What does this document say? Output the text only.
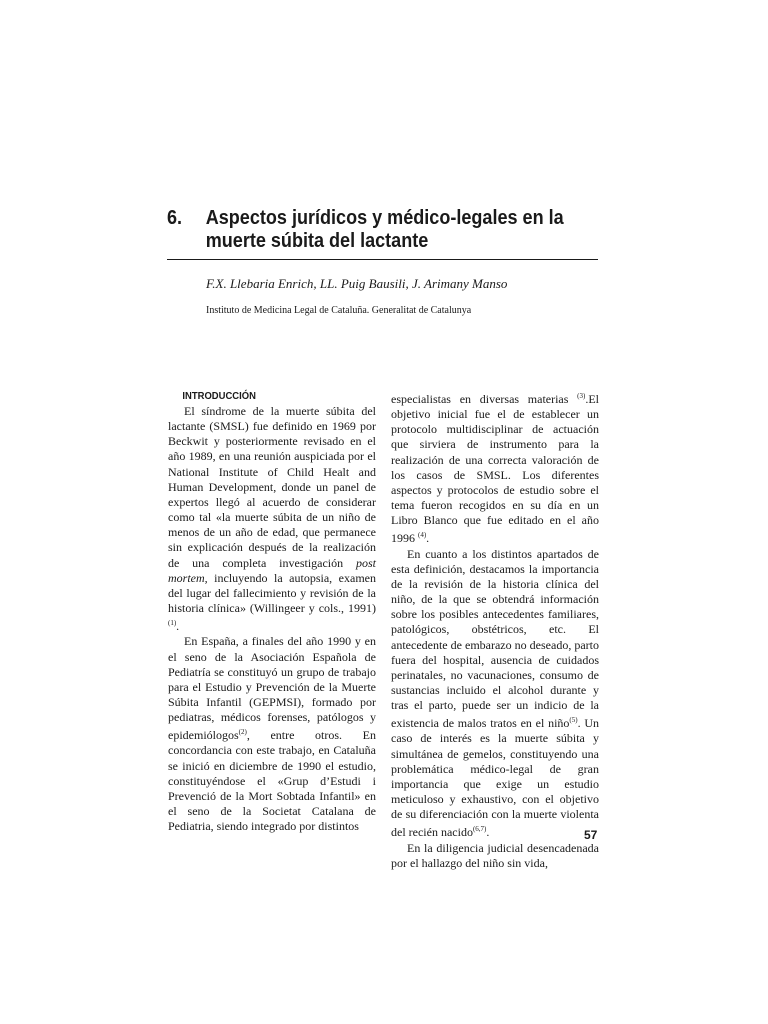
6. Aspectos jurídicos y médico-legales en la muerte súbita del lactante

F.X. Llebaria Enrich, LL. Puig Bausili, J. Arimany Manso

Instituto de Medicina Legal de Cataluña. Generalitat de Catalunya

INTRODUCCIÓN

El síndrome de la muerte súbita del lactante (SMSL) fue definido en 1969 por Beckwit y posteriormente revisado en el año 1989, en una reunión auspiciada por el National Institute of Child Healt and Human Development, donde un panel de expertos llegó al acuerdo de considerar como tal «la muerte súbita de un niño de menos de un año de edad, que permanece sin explicación después de la realización de una completa investigación post mortem, incluyendo la autopsia, examen del lugar del fallecimiento y revisión de la historia clínica» (Willingeer y cols., 1991)$^{(1)}$.

En España, a finales del año 1990 y en el seno de la Asociación Española de Pediatría se constituyó un grupo de trabajo para el Estudio y Prevención de la Muerte Súbita Infantil (GEPMSI), formado por pediatras, médicos forenses, patólogos y epidemiólogos$^{(2)}$, entre otros. En concordancia con este trabajo, en Cataluña se inició en diciembre de 1990 el estudio, constituyéndose el «Grup d’Estudi i Prevenció de la Mort Sobtada Infantil» en el seno de la Societat Catalana de Pediatria, siendo integrado por distintos

especialistas en diversas materias $^{(3)}$.El objetivo inicial fue el de establecer un protocolo multidisciplinar de actuación que sirviera de instrumento para la realización de una correcta valoración de los casos de SMSL. Los diferentes aspectos y protocolos de estudio sobre el tema fueron recogidos en su día en un Libro Blanco que fue editado en el año 1996 $^{(4)}$.

En cuanto a los distintos apartados de esta definición, destacamos la importancia de la revisión de la historia clínica del niño, de la que se obtendrá información sobre los posibles antecedentes familiares, patológicos, obstétricos, etc. El antecedente de embarazo no deseado, parto fuera del hospital, ausencia de cuidados perinatales, no vacunaciones, consumo de sustancias incluido el alcohol durante y tras el parto, puede ser un indicio de la existencia de malos tratos en el niño$^{(5)}$. Un caso de interés es la muerte súbita y simultánea de gemelos, constituyendo una problemática médico-legal de gran importancia que exige un estudio meticuloso y exhaustivo, con el objetivo de su diferenciación con la muerte violenta del recién nacido$^{(6,7)}$.

En la diligencia judicial desencadenada por el hallazgo del niño sin vida,

57
